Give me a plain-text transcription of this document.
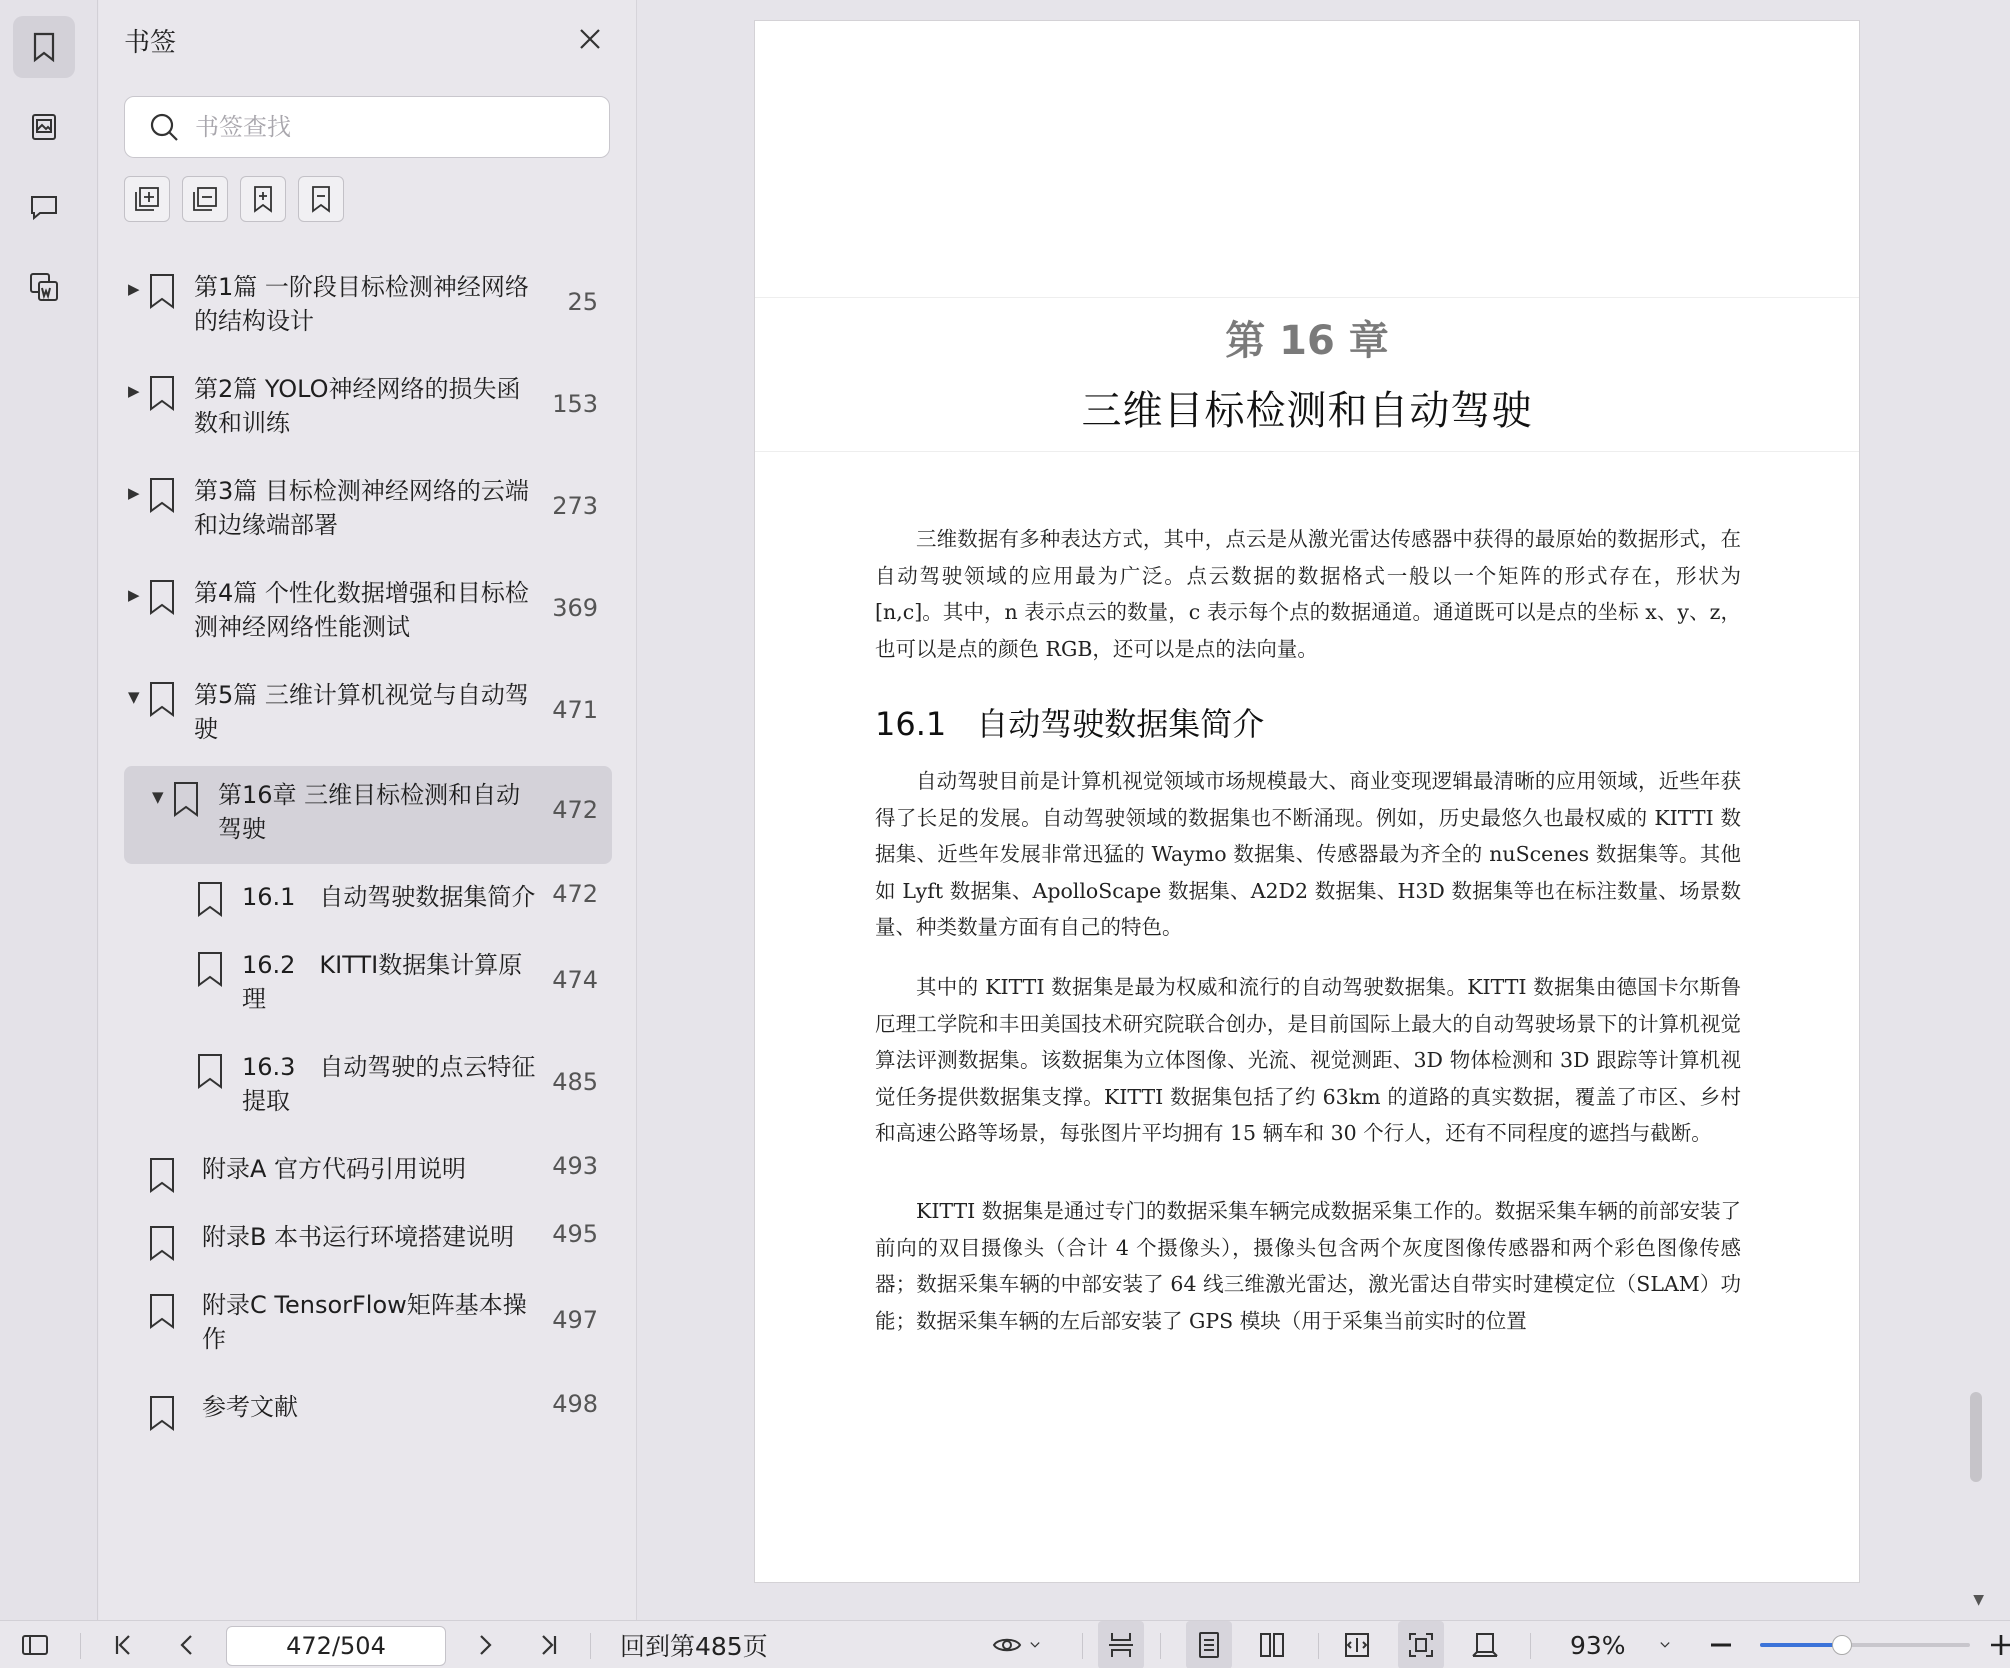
书签
书签查找
▶ 第1篇 一阶段目标检测神经网络
的结构设计
25
▶ 第2篇 YOLO神经网络的损失函
数和训练
153
▶ 第3篇 目标检测神经网络的云端
和边缘端部署
273
▶ 第4篇 个性化数据增强和目标检
测神经网络性能测试
369
▼ 第5篇 三维计算机视觉与自动驾
驶
471
▼ 第16章 三维目标检测和自动
驾驶
472
16.1　自动驾驶数据集简介 472
16.2　KITTI数据集计算原
理
474
16.3　自动驾驶的点云特征
提取
485
附录A 官方代码引用说明	493
附录B 本书运行环境搭建说明 495
附录C TensorFlow矩阵基本操
作
497
参考文献	498
第 16 章
三维目标检测和自动驾驶
三维数据有多种表达方式，其中，点云是从激光雷达传感器中获得的最原始的数据形式，在自动驾驶领域的应用最为广泛。点云数据的数据格式一般以一个矩阵的形式存在，形状为[n,c]。其中，n 表示点云的数量，c 表示每个点的数据通道。通道既可以是点的坐标 x、y、z，也可以是点的颜色 RGB，还可以是点的法向量。
16.1 自动驾驶数据集简介
自动驾驶目前是计算机视觉领域市场规模最大、商业变现逻辑最清晰的应用领域，近些年获得了长足的发展。自动驾驶领域的数据集也不断涌现。例如，历史最悠久也最权威的 KITTI 数据集、近些年发展非常迅猛的 Waymo 数据集、传感器最为齐全的 nuScenes 数据集等。其他如 Lyft 数据集、ApolloScape 数据集、A2D2 数据集、H3D 数据集等也在标注数量、场景数量、种类数量方面有自己的特色。
其中的 KITTI 数据集是最为权威和流行的自动驾驶数据集。KITTI 数据集由德国卡尔斯鲁厄理工学院和丰田美国技术研究院联合创办，是目前国际上最大的自动驾驶场景下的计算机视觉算法评测数据集。该数据集为立体图像、光流、视觉测距、3D 物体检测和 3D 跟踪等计算机视觉任务提供数据集支撑。KITTI 数据集包括了约 63km 的道路的真实数据，覆盖了市区、乡村和高速公路等场景，每张图片平均拥有 15 辆车和 30 个行人，还有不同程度的遮挡与截断。
KITTI 数据集是通过专门的数据采集车辆完成数据采集工作的。数据采集车辆的前部安装了前向的双目摄像头（合计 4 个摄像头），摄像头包含两个灰度图像传感器和两个彩色图像传感器；数据采集车辆的中部安装了 64 线三维激光雷达，激光雷达自带实时建模定位（SLAM）功能；数据采集车辆的左后部安装了 GPS 模块（用于采集当前实时的位置
▼
472/504	回到第485页	93%
